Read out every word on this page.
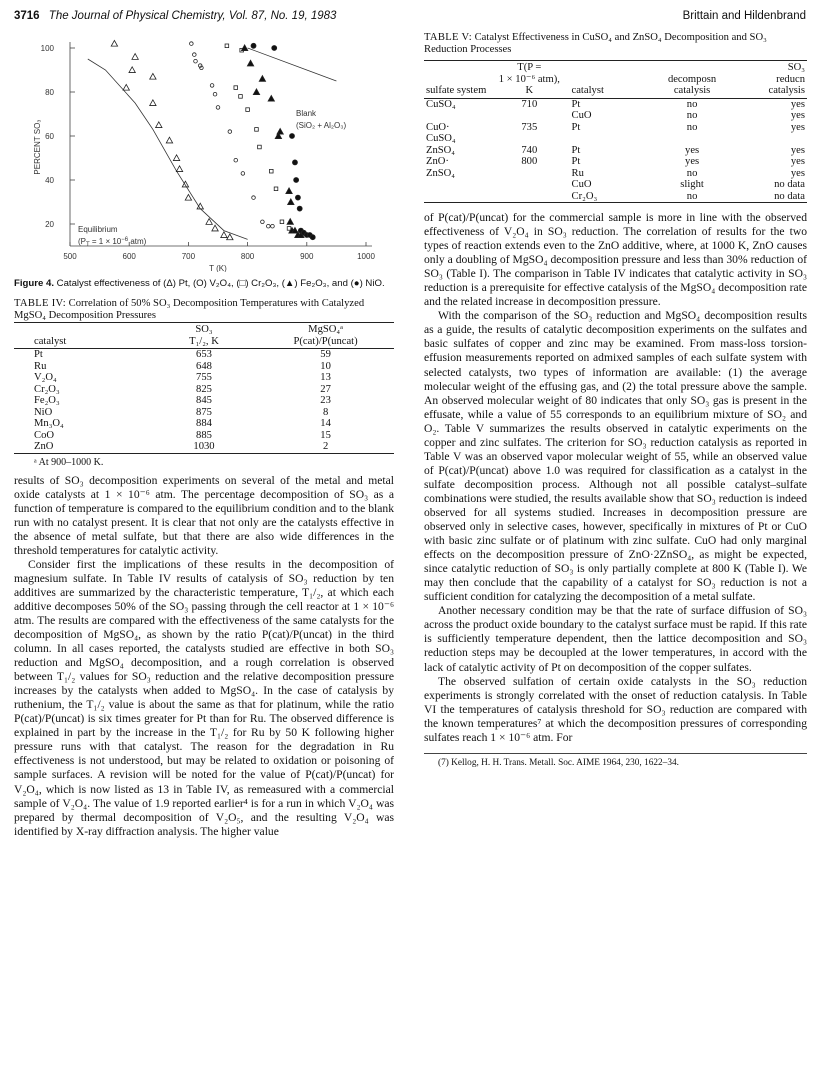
3716 The Journal of Physical Chemistry, Vol. 87, No. 19, 1983	Brittain and Hildenbrand
20
40
60
80
100
PERCENT SO₃
500	600	700	800	900	1000
T (K)
Blank
(SiO₂ + Al₂O₃)
Equilibrium
($P_T = 1 \times 10^{-6}$ atm)
Figure 4. Catalyst effectiveness of (Δ) Pt, (O) V₂O₄, (□) Cr₂O₃, (▲) Fe₂O₃, and (●) NiO.
TABLE IV: Correlation of 50% SO₃ Decomposition Temperatures with Catalyzed MgSO₄ Decomposition Pressures
catalyst	SO₃
T₁/₂, K	MgSO₄ᵃ
P(cat)/P(uncat)
Pt	653	59
Ru	648	10
V₂O₄	755	13
Cr₂O₃	825	27
Fe₂O₃	845	23
NiO	875	8
Mn₃O₄	884	14
CoO	885	15
ZnO	1030	2
ᵃ At 900–1000 K.

results of SO₃ decomposition experiments on several of the metal and metal oxide catalysts at 1 × 10⁻⁶ atm. The percentage decomposition of SO₃ as a function of temperature is compared to the equilibrium condition and to the blank run with no catalyst present. It is clear that not only are the catalysts effective in the absence of metal sulfate, but that there are also wide differences in the threshold temperatures for catalytic activity.

Consider first the implications of these results in the decomposition of magnesium sulfate. In Table IV results of catalysis of SO₃ reduction by ten additives are summarized by the characteristic temperature, T₁/₂, at which each additive decomposes 50% of the SO₃ passing through the cell reactor at 1 × 10⁻⁶ atm. The results are compared with the effectiveness of the same catalysts for the decomposition of MgSO₄, as shown by the ratio P(cat)/P(uncat) in the third column. In all cases reported, the catalysts studied are effective in both SO₃ reduction and MgSO₄ decomposition, and a rough correlation is observed between T₁/₂ values for SO₃ reduction and the relative decomposition pressure increases by the catalysts when added to MgSO₄. In the case of catalysis by ruthenium, the T₁/₂ value is about the same as that for platinum, while the ratio P(cat)/P(uncat) is six times greater for Pt than for Ru. The observed difference is explained in part by the increase in the T₁/₂ for Ru by 50 K following higher pressure runs with that catalyst. The reason for the degradation in Ru effectiveness is not understood, but may be related to oxidation or poisoning of sample surfaces. A revision will be noted for the value of P(cat)/P(uncat) for V₂O₄, which is now listed as 13 in Table IV, as remeasured with a commercial sample of V₂O₄. The value of 1.9 reported earlier⁴ is for a run in which V₂O₄ was prepared by thermal decomposition of V₂O₅, and the resulting V₂O₄ was identified by X-ray diffraction analysis. The higher value

TABLE V: Catalyst Effectiveness in CuSO₄ and ZnSO₄ Decomposition and SO₃ Reduction Processes
sulfate system	T(P =
1 × 10⁻⁶ atm),
K	catalyst	decomposn
catalysis	SO₃
reducn
catalysis
CuSO₄	710	Pt	no	yes
		CuO	no	yes
CuO·	735	Pt	no	yes
CuSO₄				
ZnSO₄	740	Pt	yes	yes
ZnO·	800	Pt	yes	yes
ZnSO₄		Ru	no	yes
		CuO	slight	no data
		Cr₂O₃	no	no data

of P(cat)/P(uncat) for the commercial sample is more in line with the observed effectiveness of V₂O₄ in SO₃ reduction. The correlation of results for the two types of reaction extends even to the ZnO additive, where, at 1000 K, ZnO causes only a doubling of MgSO₄ decomposition pressure and less than 30% reduction of SO₃ (Table I). The comparison in Table IV indicates that catalytic activity in SO₃ reduction is a prerequisite for effective catalysis of the MgSO₄ decomposition rate and the related increase in decomposition pressure.

With the comparison of the SO₃ reduction and MgSO₄ decomposition results as a guide, the results of catalytic decomposition experiments on the sulfates and basic sulfates of copper and zinc may be examined. From mass-loss torsion-effusion measurements reported on admixed samples of each sulfate system with selected catalysts, two types of information are available: (1) the average molecular weight of the effusing gas, and (2) the total pressure above the sample. An observed molecular weight of 80 indicates that only SO₃ gas is present in the effusate, while a value of 55 corresponds to an equilibrium mixture of SO₂ and O₂. Table V summarizes the results observed in catalytic experiments on the copper and zinc sulfates. The criterion for SO₃ reduction catalysis as reported in Table V was an observed vapor molecular weight of 55, while an observed value of P(cat)/P(uncat) above 1.0 was required for classification as a catalyst in the sulfate decomposition process. Although not all possible catalyst–sulfate combinations were studied, the results available show that SO₃ reduction is indeed observed for all systems studied. Increases in decomposition pressure are observed only in selective cases, however, specifically in mixtures of Pt or CuO with basic zinc sulfate or of platinum with zinc sulfate. CuO had only marginal effects on the decomposition pressure of ZnO·2ZnSO₄, as might be expected, since catalytic reduction of SO₃ is only partially complete at 800 K (Table I). We may then conclude that the capability of a catalyst for SO₃ reduction is not a sufficient condition for catalyzing the decomposition of a metal sulfate.

Another necessary condition may be that the rate of surface diffusion of SO₃ across the product oxide boundary to the catalyst surface must be rapid. If this rate is sufficiently temperature dependent, then the lattice decomposition and SO₃ reduction steps may be decoupled at the lower temperatures, in accord with the lack of catalytic activity of Pt on decomposition of the copper sulfates.

The observed sulfation of certain oxide catalysts in the SO₃ reduction experiments is strongly correlated with the onset of reduction catalysis. In Table VI the temperatures of catalysis threshold for SO₃ reduction are compared with the known temperatures⁷ at which the decomposition pressures of corresponding sulfates reach 1 × 10⁻⁶ atm. For

(7) Kellog, H. H. Trans. Metall. Soc. AIME 1964, 230, 1622–34.
